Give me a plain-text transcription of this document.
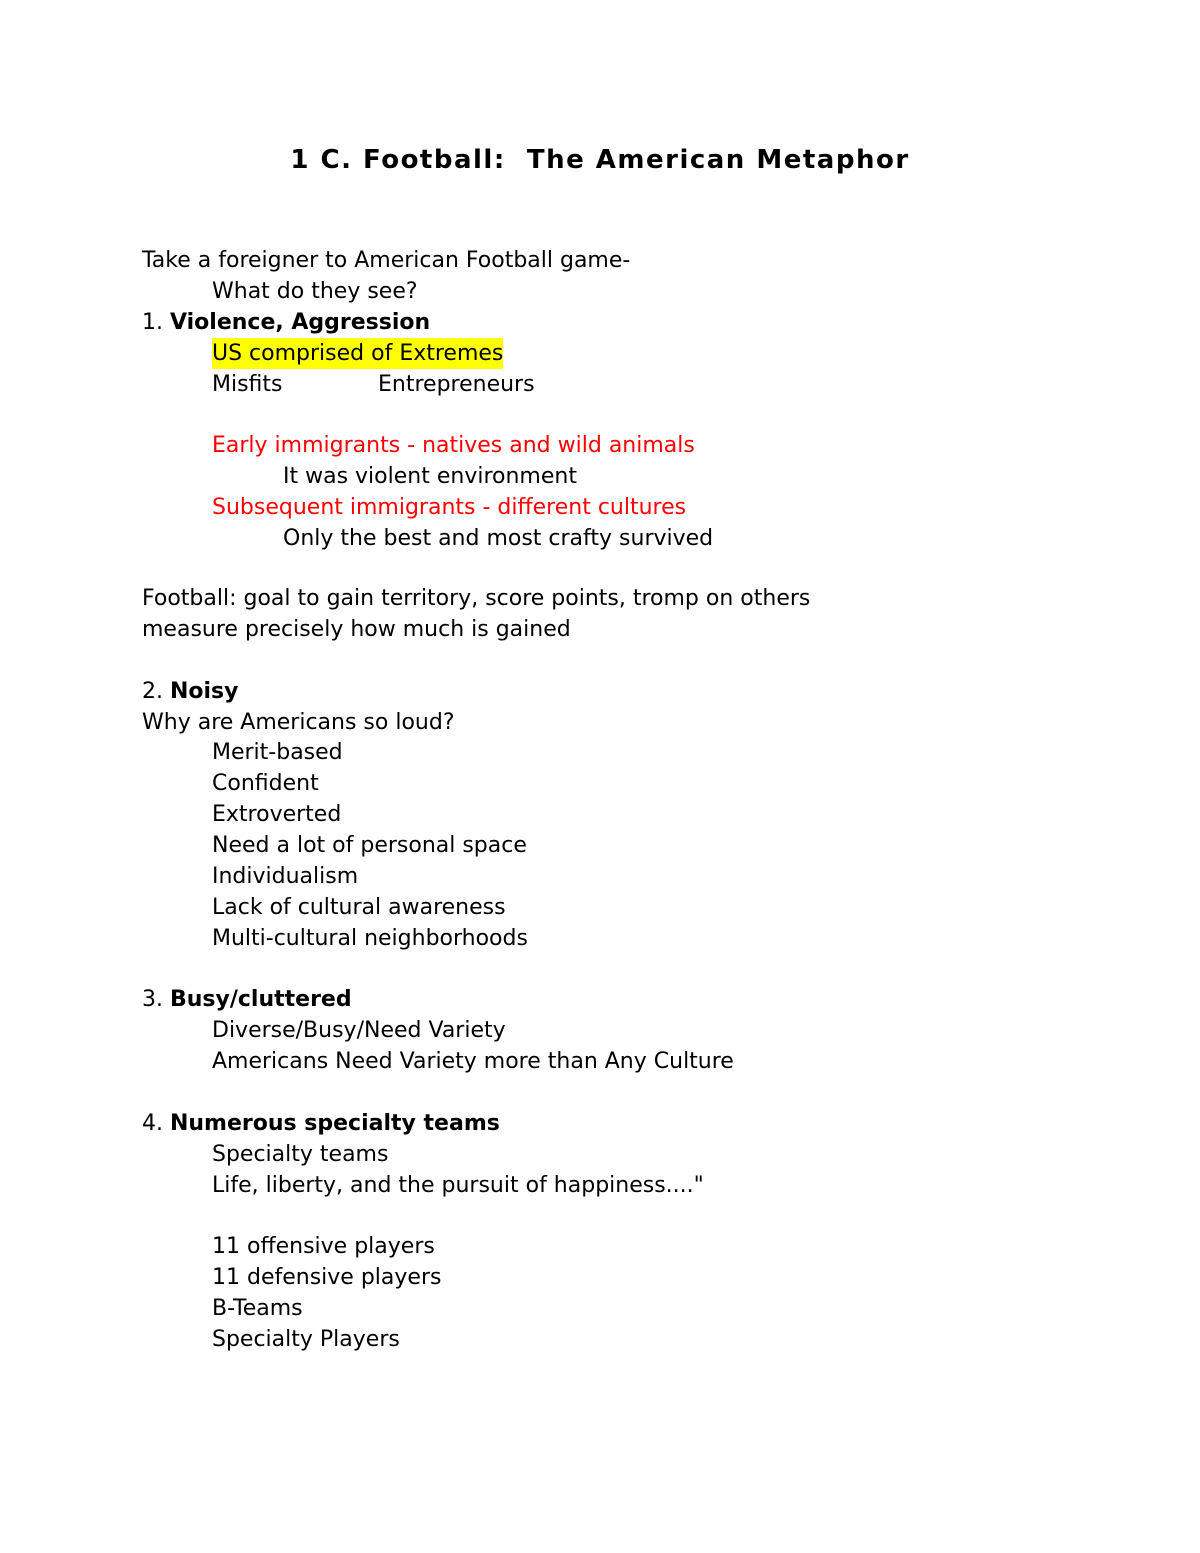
1 C. Football:  The American Metaphor
Take a foreigner to American Football game-
What do they see?
1. Violence, Aggression
US comprised of Extremes
Misfits	Entrepreneurs
Early immigrants - natives and wild animals
It was violent environment
Subsequent immigrants - different cultures
Only the best and most crafty survived
Football: goal to gain territory, score points, tromp on others
measure precisely how much is gained
2. Noisy
Why are Americans so loud?
Merit-based
Confident
Extroverted
Need a lot of personal space
Individualism
Lack of cultural awareness
Multi-cultural neighborhoods
3. Busy/cluttered
Diverse/Busy/Need Variety
Americans Need Variety more than Any Culture
4. Numerous specialty teams
Specialty teams
Life, liberty, and the pursuit of happiness...."
11 offensive players
11 defensive players
B-Teams
Specialty Players
